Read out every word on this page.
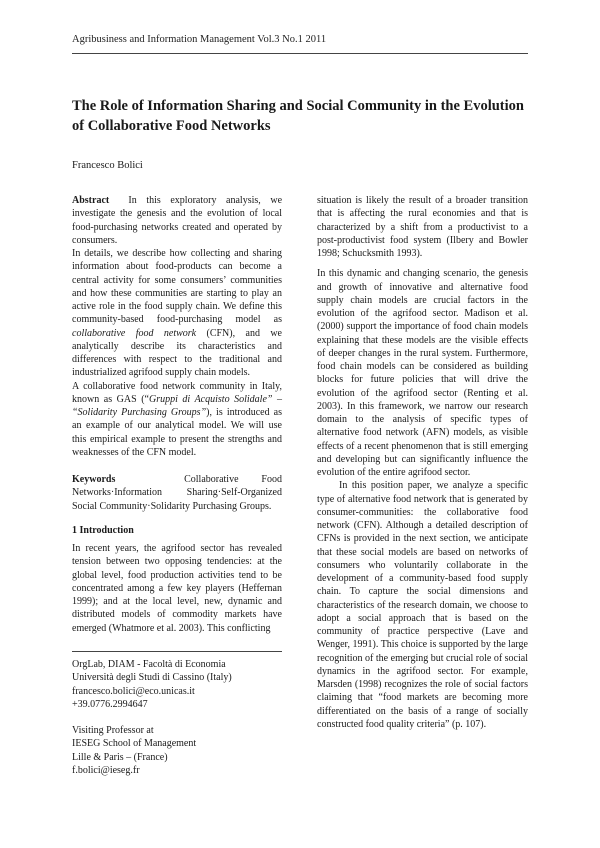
Agribusiness and Information Management Vol.3 No.1 2011
The Role of Information Sharing and Social Community in the Evolution of Collaborative Food Networks
Francesco Bolici

Abstract In this exploratory analysis, we investigate the genesis and the evolution of local food-purchasing networks created and operated by consumers.

In details, we describe how collecting and sharing information about food-products can become a central activity for some consumers’ communities and how these communities are starting to play an active role in the food supply chain. We define this community-based food-purchasing model as collaborative food network (CFN), and we analytically describe its characteristics and differences with respect to the traditional and industrialized agrifood supply chain models.

A collaborative food network community in Italy, known as GAS (“Gruppi di Acquisto Solidale” – “Solidarity Purchasing Groups”), is introduced as an example of our analytical model. We will use this empirical example to present the strengths and weaknesses of the CFN model.

Keywords	Collaborative Food Networks·Information Sharing·Self-Organized Social Community·Solidarity Purchasing Groups.

1 Introduction

In recent years, the agrifood sector has revealed tension between two opposing tendencies: at the global level, food production activities tend to be concentrated among a few key players (Heffernan 1999); and at the local level, new, dynamic and distributed models of commodity markets have emerged (Whatmore et al. 2003). This conflicting

OrgLab, DIAM - Facoltà di Economia
Università degli Studi di Cassino (Italy)
francesco.bolici@eco.unicas.it
+39.0776.2994647
Visiting Professor at
IESEG School of Management
Lille & Paris – (France)
f.bolici@ieseg.fr

situation is likely the result of a broader transition that is affecting the rural economies and that is characterized by a shift from a productivist to a post-productivist food system (Ilbery and Bowler 1998; Schucksmith 1993).

In this dynamic and changing scenario, the genesis and growth of innovative and alternative food supply chain models are crucial factors in the evolution of the agrifood sector. Madison et al. (2000) support the importance of food chain models explaining that these models are the visible effects of deeper changes in the rural system. Furthermore, food chain models can be considered as building blocks for future policies that will drive the evolution of the agrifood sector (Renting et al. 2003). In this framework, we narrow our research domain to the analysis of specific types of alternative food network (AFN) models, as visible effects of a recent phenomenon that is still emerging and developing but can significantly influence the evolution of the entire agrifood sector.

In this position paper, we analyze a specific type of alternative food network that is generated by consumer-communities: the collaborative food network (CFN). Although a detailed description of CFNs is provided in the next section, we anticipate that these social models are based on networks of consumers who voluntarily collaborate in the development of a community-based food supply chain. To capture the social dimensions and characteristics of the research domain, we choose to adopt a social approach that is based on the community of practice perspective (Lave and Wenger, 1991). This choice is supported by the large recognition of the emerging but crucial role of social dynamics in the agrifood sector. For example, Marsden (1998) recognizes the role of social factors claiming that “food markets are becoming more differentiated on the basis of a range of socially constructed food quality criteria” (p. 107).
